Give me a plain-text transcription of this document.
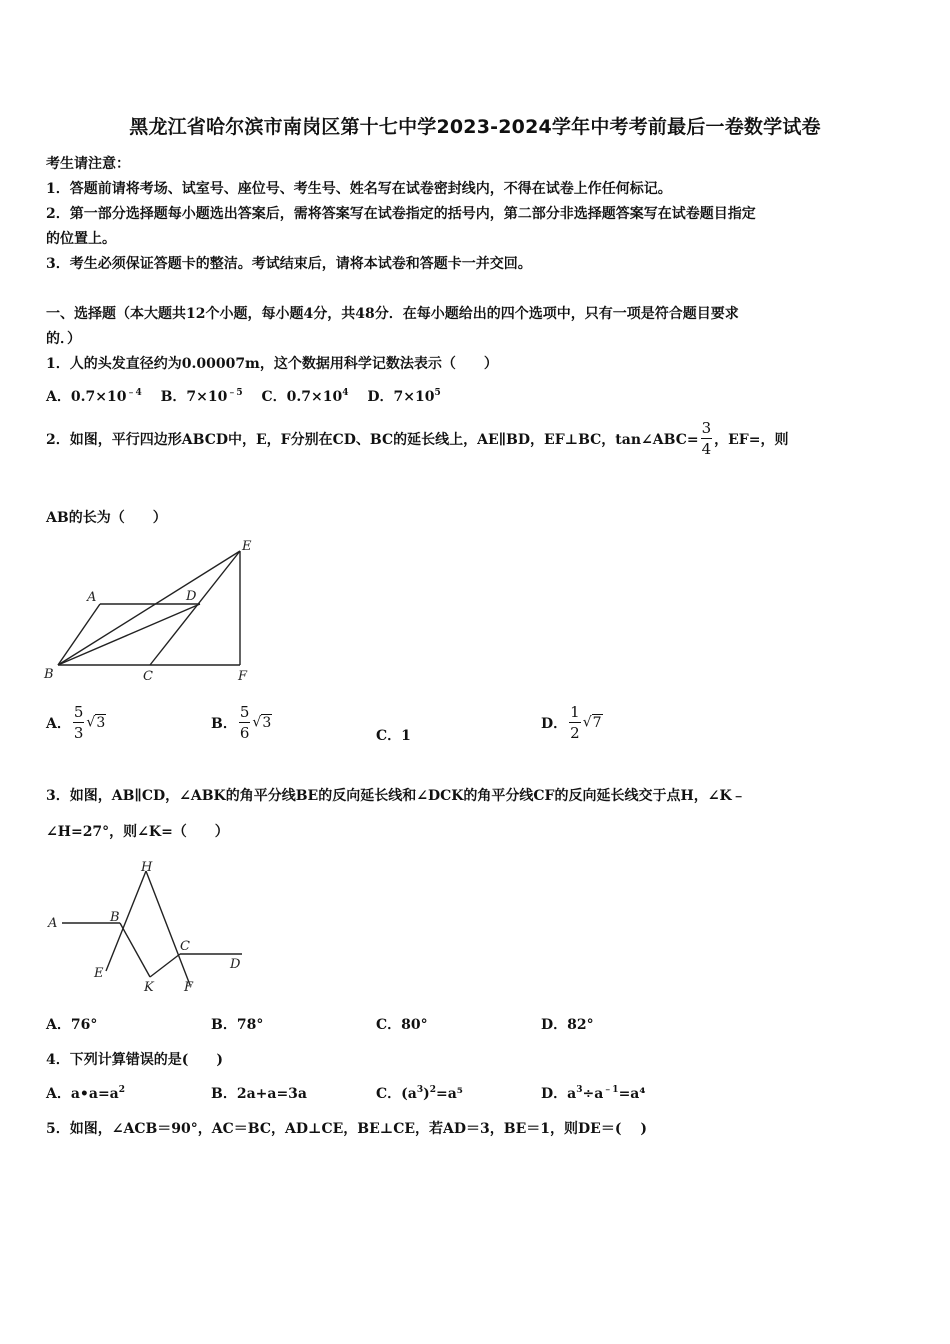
黑龙江省哈尔滨市南岗区第十七中学2023-2024学年中考考前最后一卷数学试卷
考生请注意：
1．答题前请将考场、试室号、座位号、考生号、姓名写在试卷密封线内，不得在试卷上作任何标记。
2．第一部分选择题每小题选出答案后，需将答案写在试卷指定的括号内，第二部分非选择题答案写在试卷题目指定
的位置上。
3．考生必须保证答题卡的整洁。考试结束后，请将本试卷和答题卡一并交回。
一、选择题（本大题共12个小题，每小题4分，共48分．在每小题给出的四个选项中，只有一项是符合题目要求
的．）
1．人的头发直径约为0.00007m，这个数据用科学记数法表示（　　）
A．$0.7\times 10^{﹣4}$ B．$7\times 10^{﹣5}$ C．$0.7\times 10^4$ D．$7\times 10^5$
2．如图，平行四边形ABCD中，E，F分别在CD、BC的延长线上，AE∥BD，EF⊥BC，tan∠ABC= $\frac{3}{4}$ ，EF=，则
AB的长为（　　）
A
B	C
D
E
F
A． $\frac{5}{3} √3$	B． $\frac{5}{6} √3$
C．1
D． $\frac{1}{2} √7$
3．如图，AB∥CD，∠ABK的角平分线BE的反向延长线和∠DCK的角平分线CF的反向延长线交于点H，∠K﹣
∠H=27°，则∠K=（　　）
A	B
C
D
E
F
H
K
A．76°	B．78°	C．80°	D．82°
4．下列计算错误的是(　　)
A．$a•a=a^2$	B．2a+a=3a	C．$(a^3)^2=a^5$	D．$a^3\div a^{﹣1}=a^4$
5．如图，∠ACB＝90°，AC＝BC，AD⊥CE，BE⊥CE，若AD＝3，BE＝1，则DE＝(　 )
